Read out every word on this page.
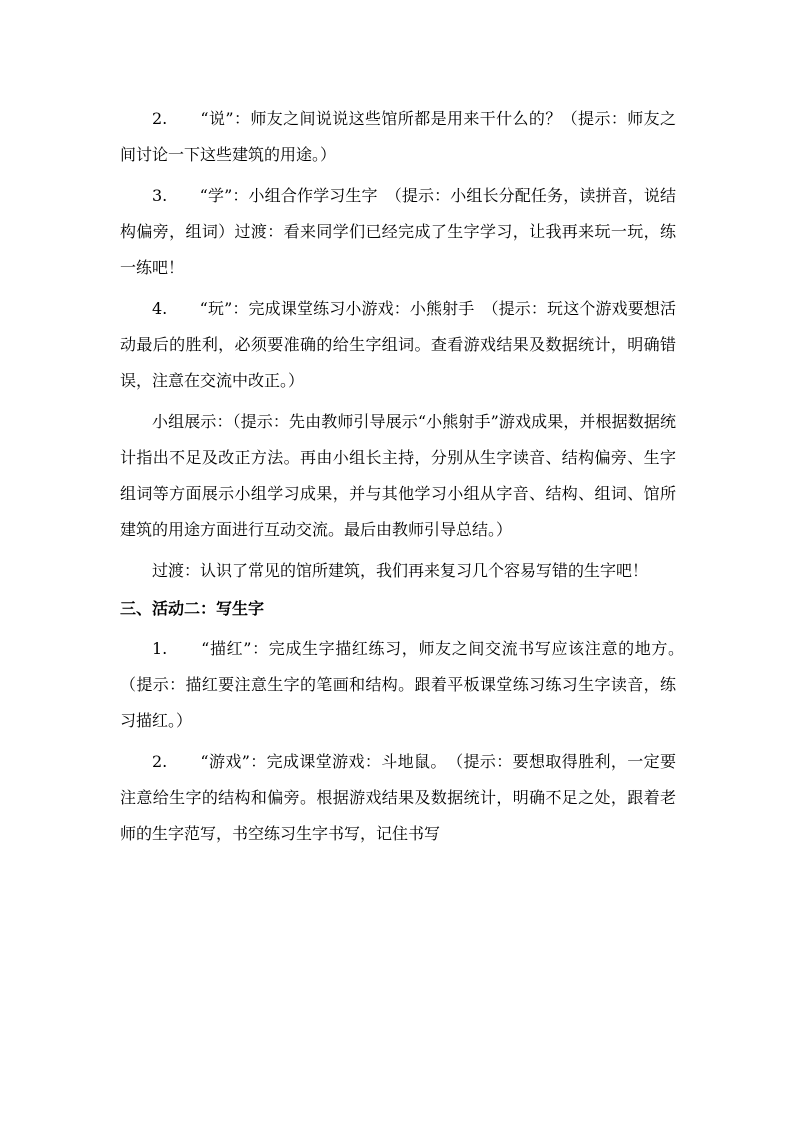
2.　　“说”：师友之间说说这些馆所都是用来干什么的？（提示：师友之间讨论一下这些建筑的用途。）

3.　　“学”：小组合作学习生字　（提示：小组长分配任务，读拼音，说结构偏旁，组词）过渡：看来同学们已经完成了生字学习，让我再来玩一玩，练一练吧！

4.　　“玩”：完成课堂练习小游戏：小熊射手　（提示：玩这个游戏要想活动最后的胜利，必须要准确的给生字组词。查看游戏结果及数据统计，明确错误，注意在交流中改正。）

小组展示：（提示：先由教师引导展示“小熊射手”游戏成果，并根据数据统计指出不足及改正方法。再由小组长主持，分别从生字读音、结构偏旁、生字组词等方面展示小组学习成果，并与其他学习小组从字音、结构、组词、馆所建筑的用途方面进行互动交流。最后由教师引导总结。）

过渡：认识了常见的馆所建筑，我们再来复习几个容易写错的生字吧！

三、活动二：写生字

1.　　“描红”：完成生字描红练习，师友之间交流书写应该注意的地方。　（提示：描红要注意生字的笔画和结构。跟着平板课堂练习练习生字读音，练习描红。）

2.　　“游戏”：完成课堂游戏：斗地鼠。　（提示：要想取得胜利，一定要注意给生字的结构和偏旁。根据游戏结果及数据统计，明确不足之处，跟着老师的生字范写，书空练习生字书写，记住书写
